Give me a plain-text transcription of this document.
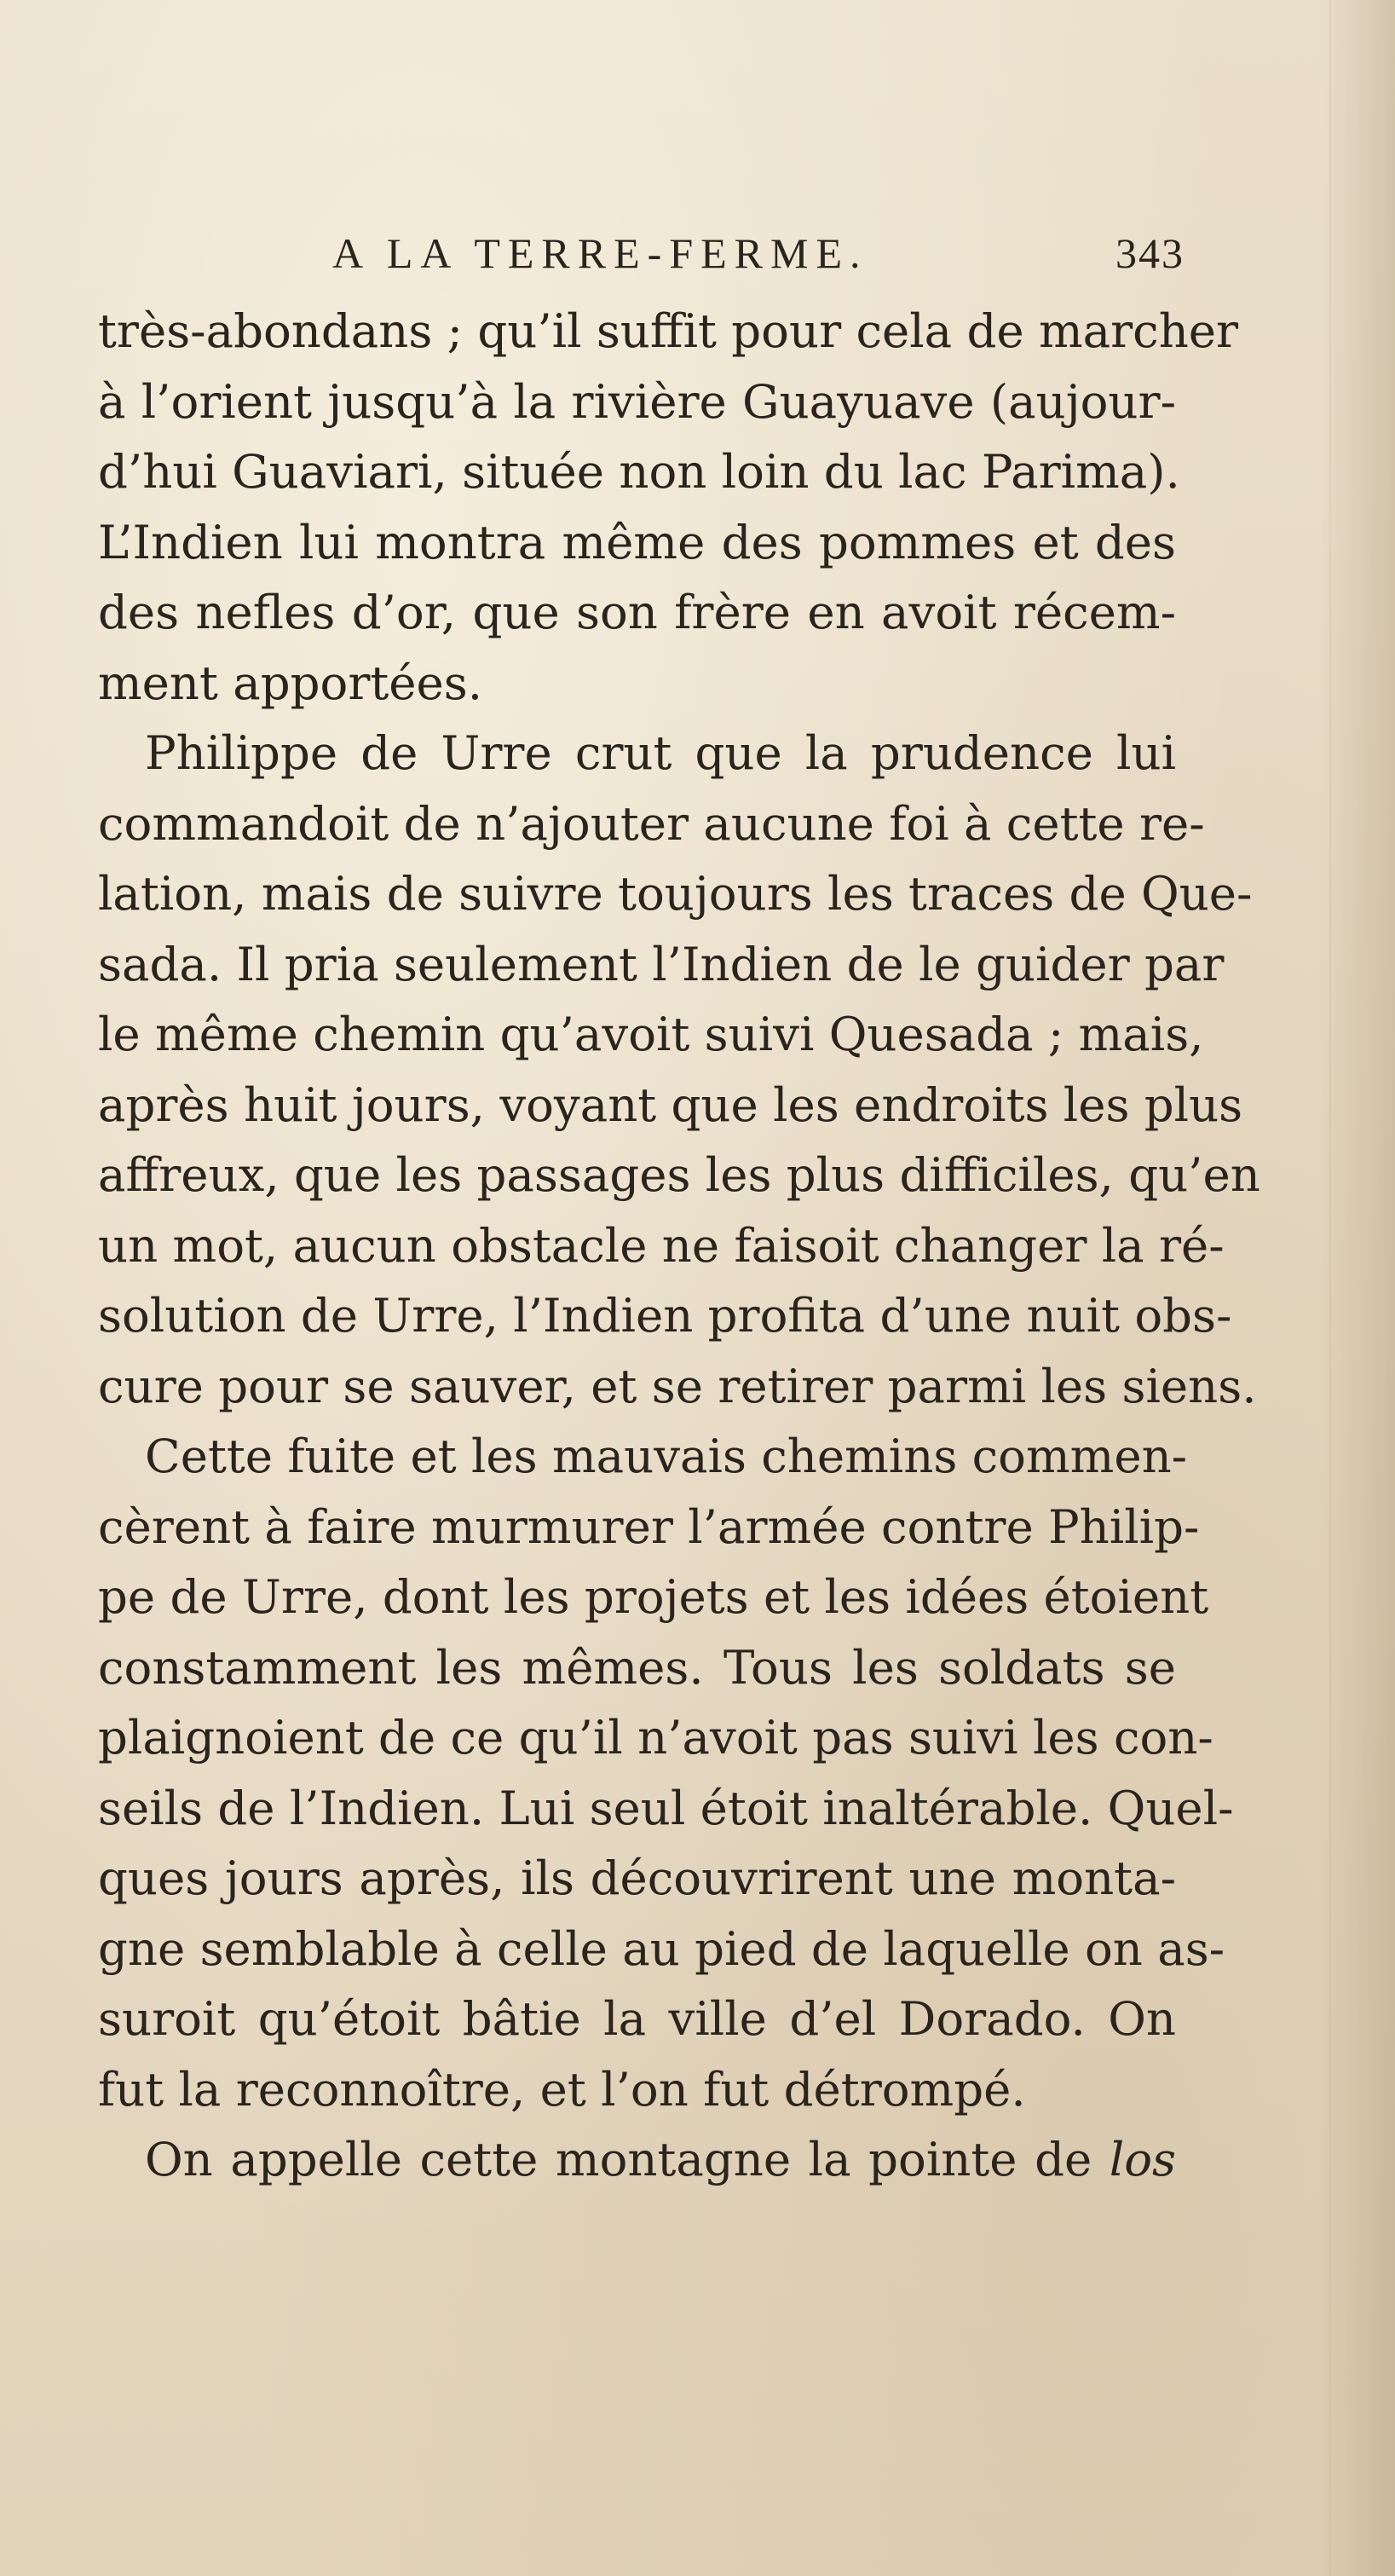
A LA TERRE-FERME.	343
très-abondans ; qu’il suffit pour cela de marcher
à l’orient jusqu’à la rivière Guayuave (aujour-
d’hui Guaviari, située non loin du lac Parima).
L’Indien lui montra même des pommes et des
des nefles d’or, que son frère en avoit récem-
ment apportées.
Philippe de Urre crut que la prudence lui
commandoit de n’ajouter aucune foi à cette re-
lation, mais de suivre toujours les traces de Que-
sada. Il pria seulement l’Indien de le guider par
le même chemin qu’avoit suivi Quesada ; mais,
après huit jours, voyant que les endroits les plus
affreux, que les passages les plus difficiles, qu’en
un mot, aucun obstacle ne faisoit changer la ré-
solution de Urre, l’Indien profita d’une nuit obs-
cure pour se sauver, et se retirer parmi les siens.
Cette fuite et les mauvais chemins commen-
cèrent à faire murmurer l’armée contre Philip-
pe de Urre, dont les projets et les idées étoient
constamment les mêmes. Tous les soldats se
plaignoient de ce qu’il n’avoit pas suivi les con-
seils de l’Indien. Lui seul étoit inaltérable. Quel-
ques jours après, ils découvrirent une monta-
gne semblable à celle au pied de laquelle on as-
suroit qu’étoit bâtie la ville d’el Dorado. On
fut la reconnoître, et l’on fut détrompé.
On appelle cette montagne la pointe de los
